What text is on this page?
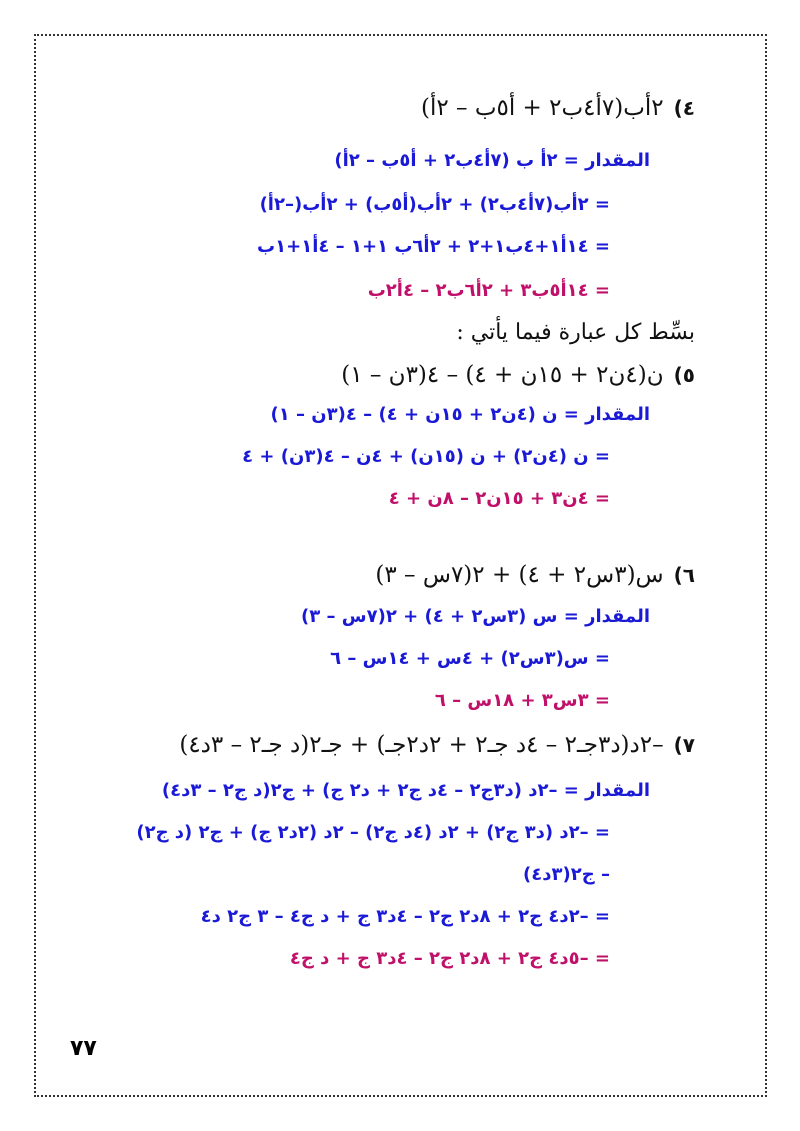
٤)٢أب(٧أ٤ب٢ + أ٥ب – ٢أ)
المقدار = ٢أ ب (٧أ٤ب٢ + أ٥ب – ٢أ)
= ٢أب(٧أ٤ب٢) + ٢أب(أ٥ب) + ٢أب(–٢أ)
= ١٤أ١+٤ب١+٢ + ٢أ٦ب ١+١ – ٤أ١+١ب
= ١٤أ٥ب٣ + ٢أ٦ب٢ – ٤أ٢ب
بسِّط كل عبارة فيما يأتي :
٥)ن(٤ن٢ + ١٥ن + ٤) – ٤(٣ن – ١)
المقدار = ن (٤ن٢ + ١٥ن + ٤) – ٤(٣ن – ١)
= ن (٤ن٢) + ن (١٥ن) + ٤ن – ٤(٣ن) + ٤
= ٤ن٣ + ١٥ن٢ – ٨ن + ٤
٦)س(٣س٢ + ٤) + ٢(٧س – ٣)
المقدار = س (٣س٢ + ٤) + ٢(٧س – ٣)
= س(٣س٢) + ٤س + ١٤س – ٦
= ٣س٣ + ١٨س – ٦
٧)–٢د(د٣جـ٢ – ٤د جـ٢ + ٢د٢جـ) + جـ٢(د جـ٢ – ٣د٤)
المقدار = –٢د (د٣ج٢ – ٤د ج٢ + د٢ ج) + ج٢(د ج٢ – ٣د٤)
= –٢د (د٣ ج٢) + ٢د (٤د ج٢) – ٢د (٢د٢ ج) + ج٢ (د ج٢)
– ج٢(٣د٤)
= –٢د٤ ج٢ + ٨د٢ ج٢ – ٤د٣ ج + د ج٤ – ٣ ج٢ د٤
= –٥د٤ ج٢ + ٨د٢ ج٢ – ٤د٣ ج + د ج٤
٧٧
